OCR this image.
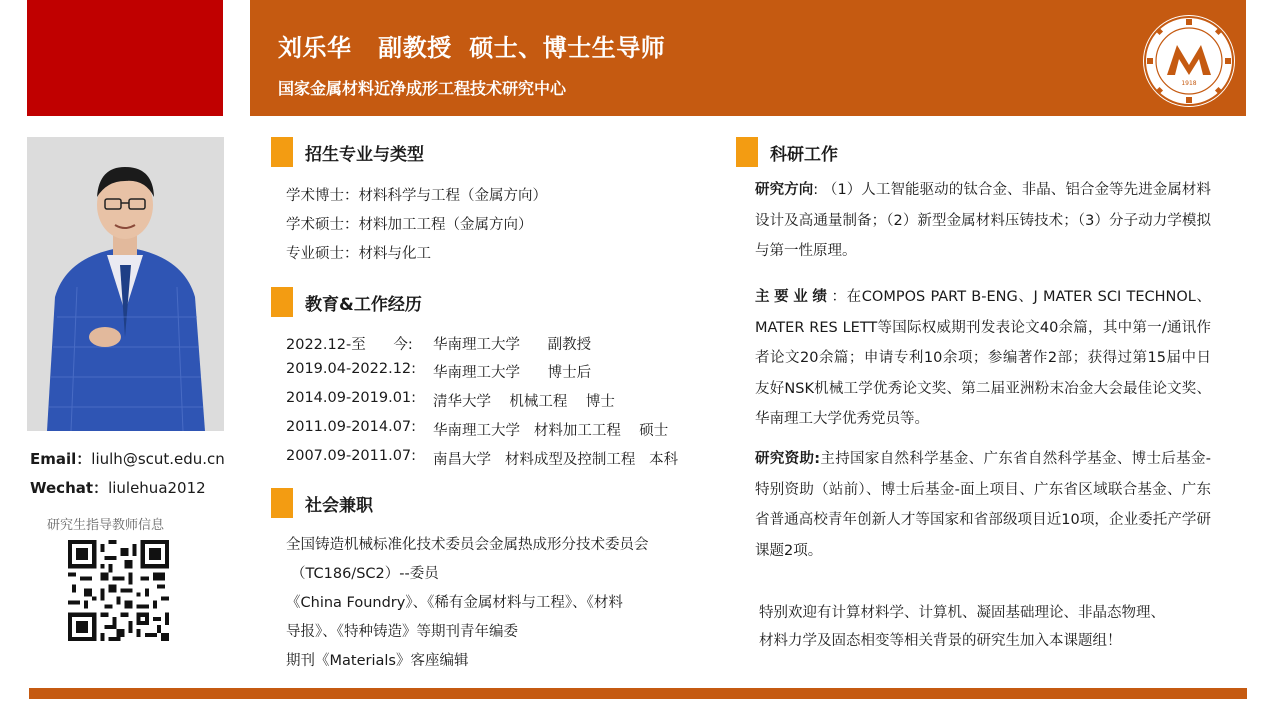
刘乐华   副教授  硕士、博士生导师
国家金属材料近净成形工程技术研究中心	1918
Email：liulh@scut.edu.cn
Wechat：liulehua2012
研究生指导教师信息
招生专业与类型
学术博士：材料科学与工程（金属方向）
学术硕士：材料加工工程（金属方向）
专业硕士：材料与化工
教育&工作经历
2022.12-至      今: 华南理工大学      副教授
2019.04-2022.12: 华南理工大学      博士后
2014.09-2019.01: 清华大学    机械工程    博士
2011.09-2014.07: 华南理工大学   材料加工工程    硕士
2007.09-2011.07: 南昌大学   材料成型及控制工程   本科
社会兼职
全国铸造机械标准化技术委员会金属热成形分技术委员会
（TC186/SC2）--委员
《China Foundry》、《稀有金属材料与工程》、《材料
导报》、《特种铸造》等期刊青年编委
期刊《Materials》客座编辑
科研工作
研究方向: （1）人工智能驱动的钛合金、非晶、铝合金等先进金属材料设计及高通量制备；（2）新型金属材料压铸技术；（3）分子动力学模拟与第一性原理。
主要业绩：在COMPOS PART B-ENG、J MATER SCI TECHNOL、MATER RES LETT等国际权威期刊发表论文40余篇，其中第一/通讯作者论文20余篇；申请专利10余项；参编著作2部；获得过第15届中日友好NSK机械工学优秀论文奖、第二届亚洲粉末冶金大会最佳论文奖、华南理工大学优秀党员等。
研究资助:主持国家自然科学基金、广东省自然科学基金、博士后基金-特别资助（站前）、博士后基金-面上项目、广东省区域联合基金、广东省普通高校青年创新人才等国家和省部级项目近10项，企业委托产学研课题2项。
特别欢迎有计算材料学、计算机、凝固基础理论、非晶态物理、
材料力学及固态相变等相关背景的研究生加入本课题组！
